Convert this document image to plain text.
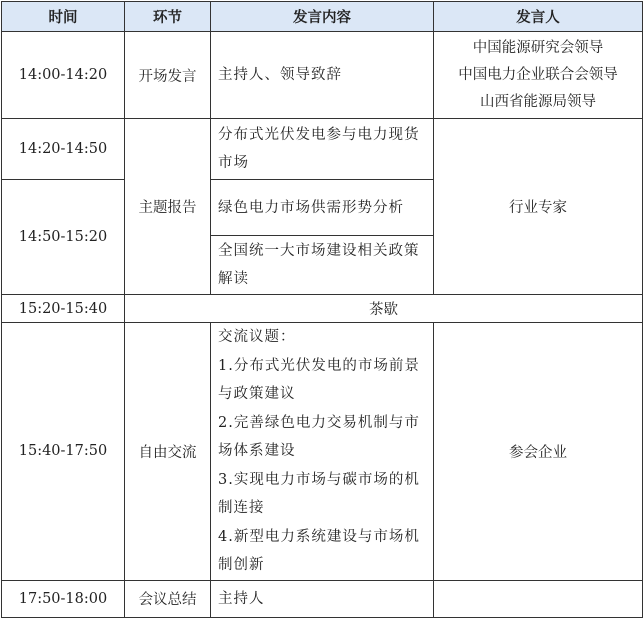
时间	环节	发言内容	发言人
14:00-14:20	开场发言	主持人、领导致辞	中国能源研究会领导
中国电力企业联合会领导
山西省能源局领导

14:20-14:50	主题报告	分布式光伏发电参与电力现货市场	行业专家
14:50-15:20		绿色电力市场供需形势分析	
		全国统一大市场建设相关政策解读	
15:20-15:40	茶歇		
15:40-17:50	自由交流	交流议题：
1.分布式光伏发电的市场前景与政策建议
2.完善绿色电力交易机制与市场体系建设
3.实现电力市场与碳市场的机制连接
4.新型电力系统建设与市场机制创新	参会企业
17:50-18:00	会议总结	主持人	
